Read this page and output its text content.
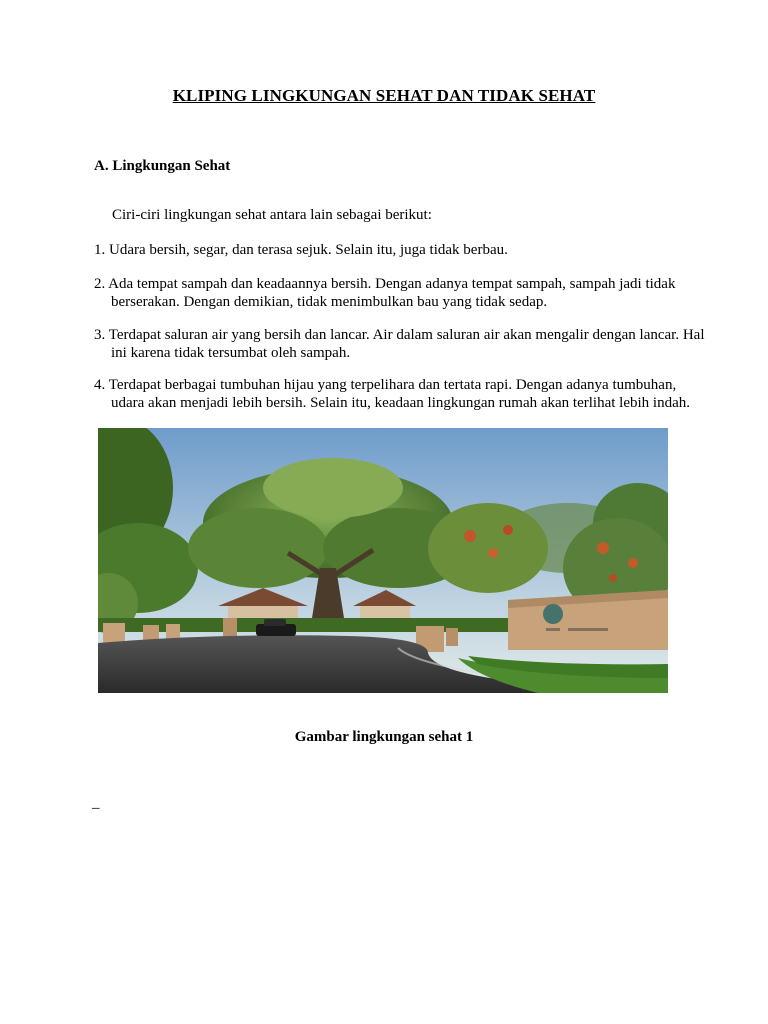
KLIPING LINGKUNGAN SEHAT DAN TIDAK SEHAT
A. Lingkungan Sehat
Ciri-ciri lingkungan sehat antara lain sebagai berikut:
1. Udara bersih, segar, dan terasa sejuk. Selain itu, juga tidak berbau.
2. Ada tempat sampah dan keadaannya bersih. Dengan adanya tempat sampah, sampah jadi tidak berserakan. Dengan demikian, tidak menimbulkan bau yang tidak sedap.
3. Terdapat saluran air yang bersih dan lancar. Air dalam saluran air akan mengalir dengan lancar. Hal ini karena tidak tersumbat oleh sampah.
4. Terdapat berbagai tumbuhan hijau yang terpelihara dan tertata rapi. Dengan adanya tumbuhan, udara akan menjadi lebih bersih. Selain itu, keadaan lingkungan rumah akan terlihat lebih indah.
Gambar lingkungan sehat 1
_
